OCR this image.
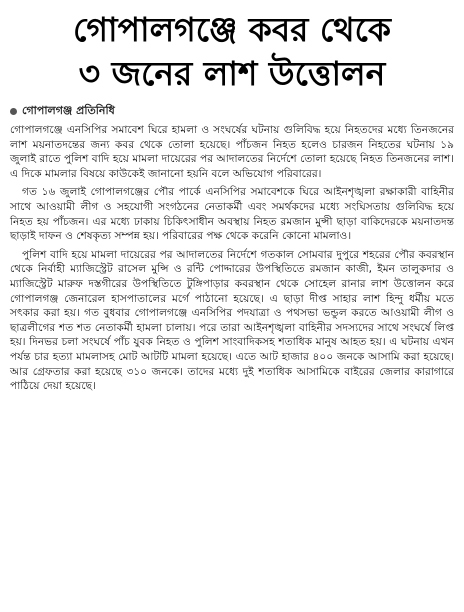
গোপালগঞ্জে কবর থেকে
৩ জনের লাশ উত্তোলন
গোপালগঞ্জ প্রতিনিধি

গোপালগঞ্জে এনসিপির সমাবেশ ঘিরে হামলা ও সংঘর্ষের ঘটনায় গুলিবিদ্ধ হয়ে নিহতদের মধ্যে তিনজনের লাশ ময়নাতদন্তের জন্য কবর থেকে তোলা হয়েছে। পাঁচজন নিহত হলেও চারজন নিহতের ঘটনায় ১৯ জুলাই রাতে পুলিশ বাদি হয়ে মামলা দায়েরের পর আদালতের নির্দেশে তোলা হয়েছে নিহত তিনজনের লাশ। এ দিকে মামলার বিষয়ে কাউকেই জানানো হয়নি বলে অভিযোগ পরিবারের।

গত ১৬ জুলাই গোপালগঞ্জের পৌর পার্কে এনসিপির সমাবেশকে ঘিরে আইনশৃঙ্খলা রক্ষাকারী বাহিনীর সাথে আওয়ামী লীগ ও সহযোগী সংগঠনের নেতাকর্মী এবং সমর্থকদের মধ্যে সংঘিসতায় গুলিবিদ্ধ হয়ে নিহত হয় পাঁচজন। এর মধ্যে ঢাকায় চিকিৎসাধীন অবস্থায় নিহত রমজান মুন্সী ছাড়া বাকিদেরকে ময়নাতদন্ত ছাড়াই দাফন ও শেষকৃত্য সম্পন্ন হয়। পরিবারের পক্ষ থেকে করেনি কোনো মামলাও।

পুলিশ বাদি হয়ে মামলা দায়েরের পর আদালতের নির্দেশে গতকাল সোমবার দুপুরে শহরের পৌর কবরস্থান থেকে নির্বাহী ম্যাজিস্ট্রেট রাসেল মুন্সি ও রন্টি পোদ্দারের উপস্থিতিতে রমজান কাজী, ইমন তালুকদার ও ম্যাজিস্ট্রেট মারুফ দস্তগীরের উপস্থিতিতে টুঙ্গিপাড়ার কবরস্থান থেকে সোহেল রানার লাশ উত্তোলন করে গোপালগঞ্জ জেনারেল হাসপাতালের মর্গে পাঠানো হয়েছে। এ ছাড়া দীপ্ত সাহার লাশ হিন্দু ধর্মীয় মতে সৎকার করা হয়। গত বুধবার গোপালগঞ্জে এনসিপির পদযাত্রা ও পথসভা ভন্ডুল করতে আওয়ামী লীগ ও ছাত্রলীগের শত শত নেতাকর্মী হামলা চালায়। পরে তারা আইনশৃঙ্খলা বাহিনীর সদস্যদের সাথে সংঘর্ষে লিপ্ত হয়। দিনভর চলা সংঘর্ষে পাঁচ যুবক নিহত ও পুলিশ সাংবাদিকসহ শতাধিক মানুষ আহত হয়। এ ঘটনায় এখন পর্যন্ত চার হত্যা মামলাসহ মোট আটটি মামলা হয়েছে। এতে আট হাজার ৪০০ জনকে আসামি করা হয়েছে। আর গ্রেফতার করা হয়েছে ৩১০ জনকে। তাদের মধ্যে দুই শতাধিক আসামিকে বাইরের জেলার কারাগারে পাঠিয়ে দেয়া হয়েছে।
